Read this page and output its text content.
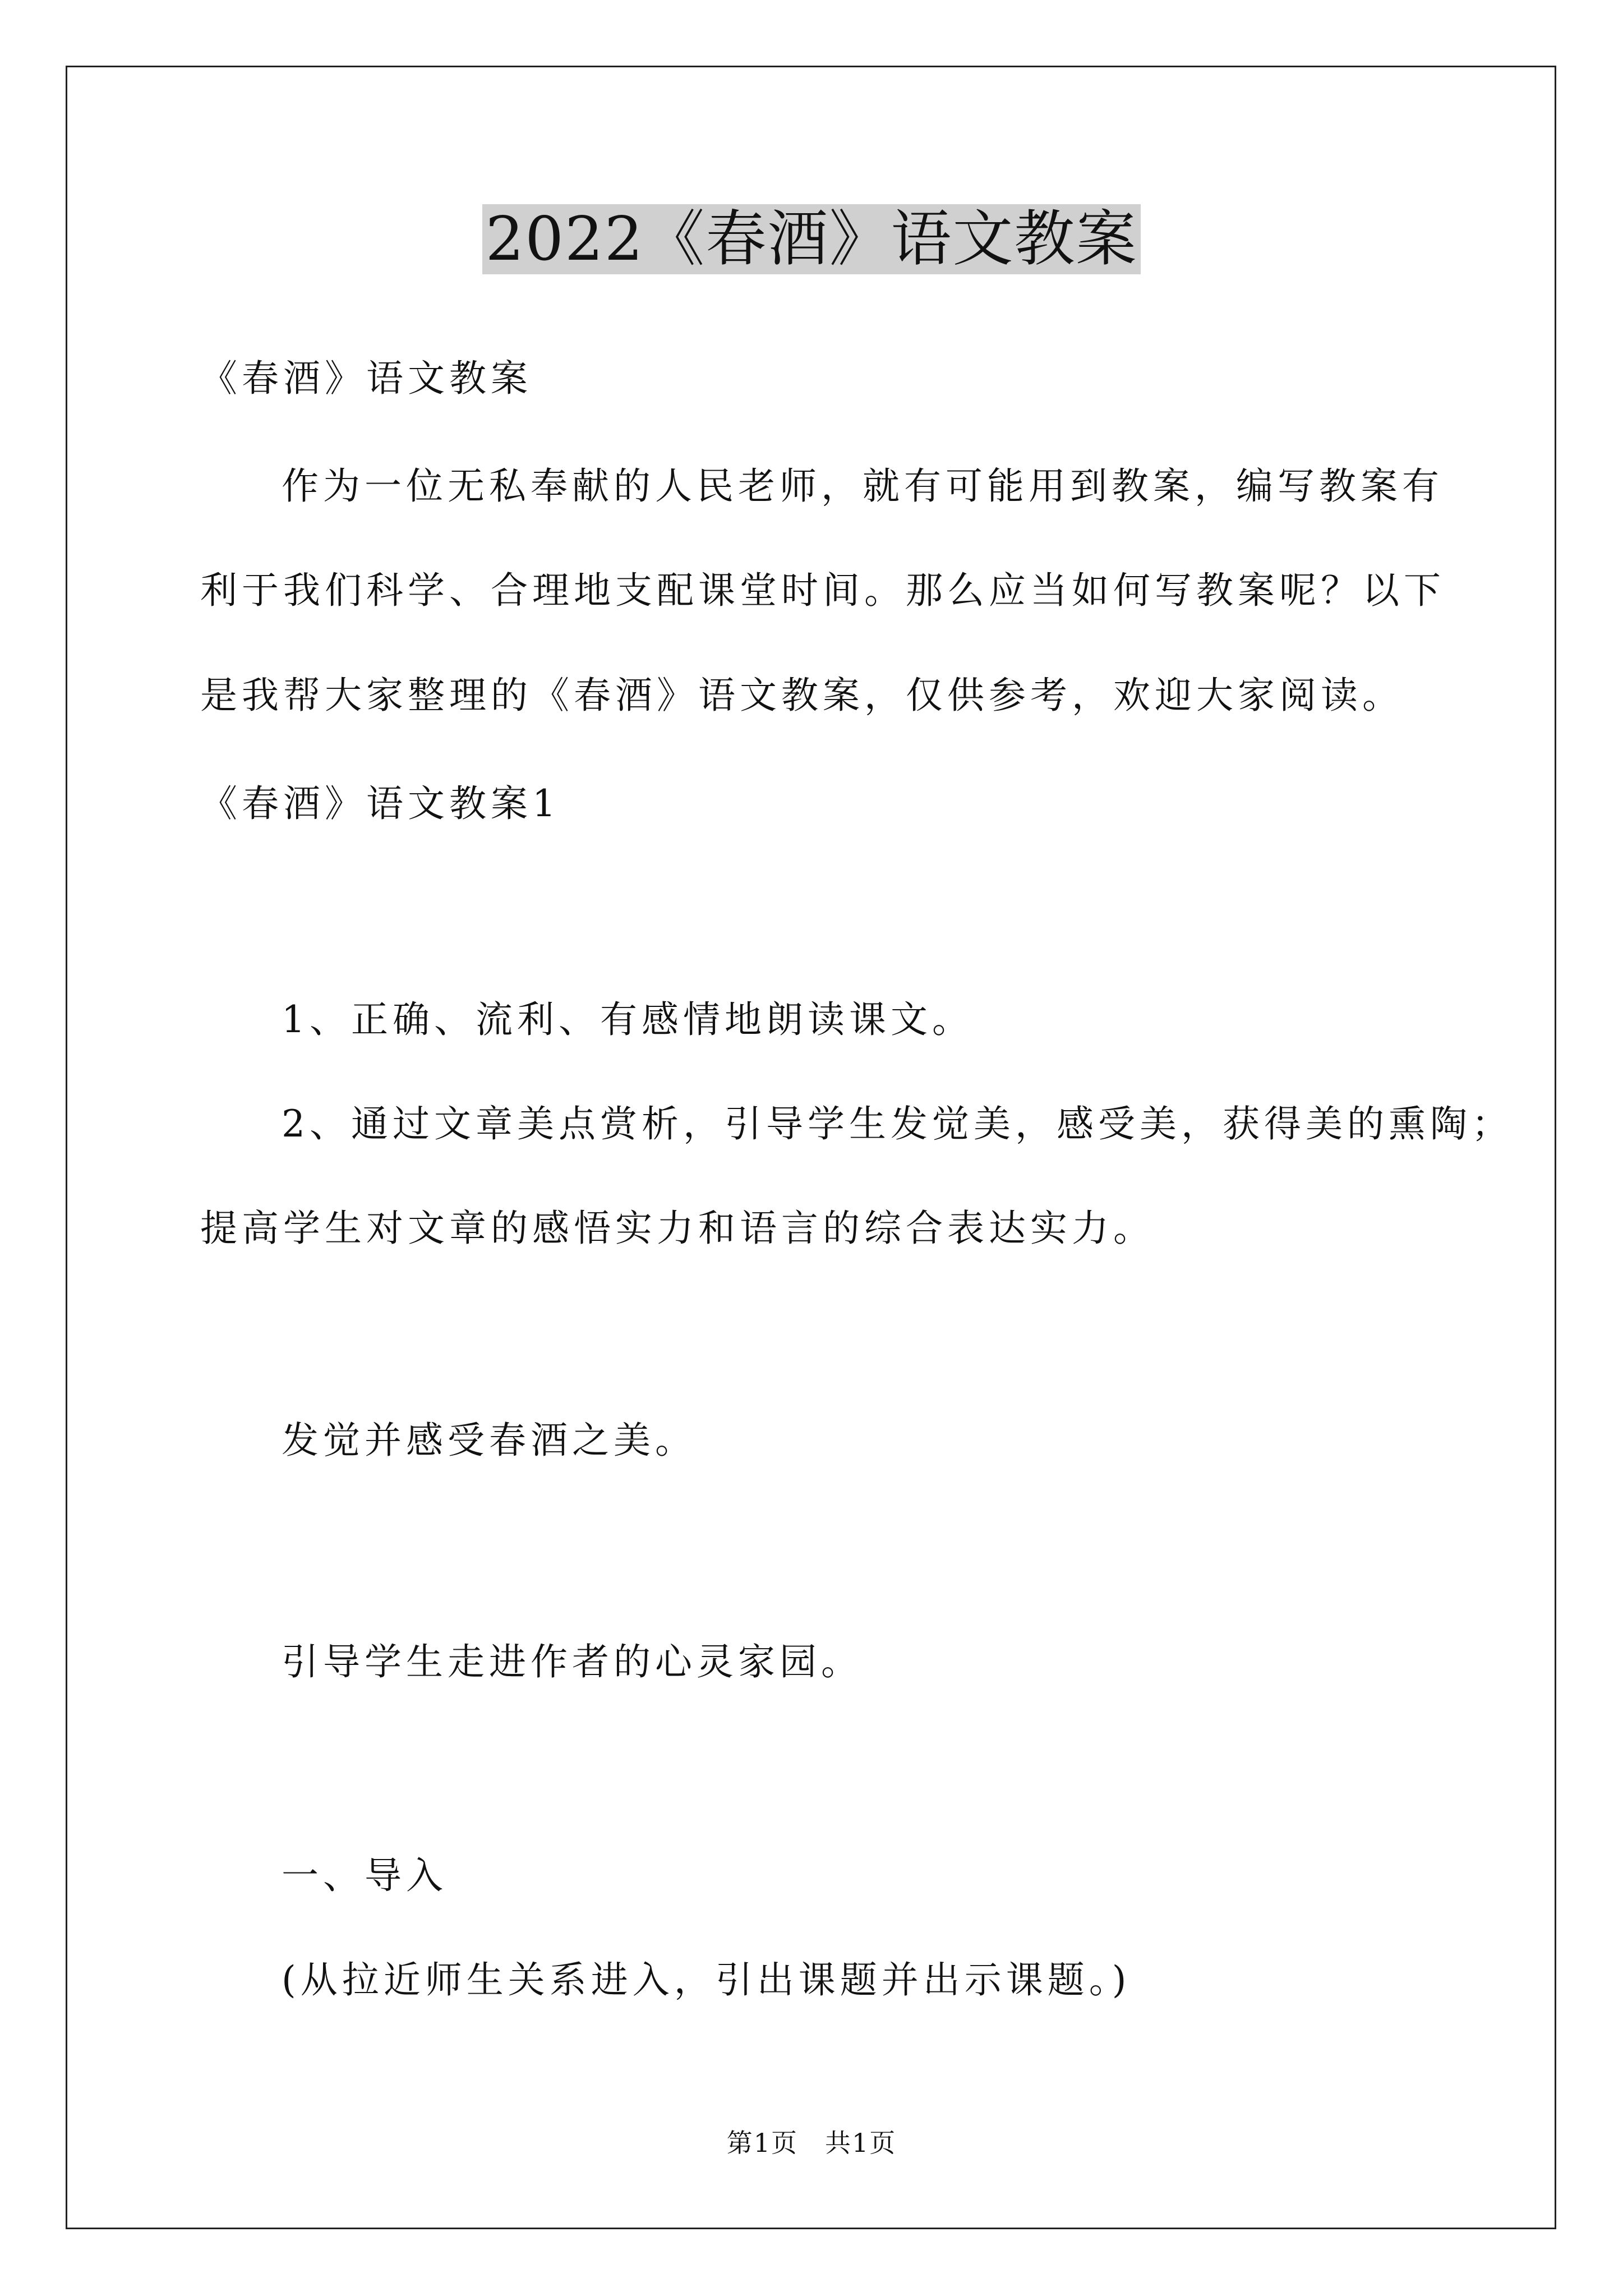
2022《春酒》语文教案
《春酒》语文教案
作为一位无私奉献的人民老师，就有可能用到教案，编写教案有
利于我们科学、合理地支配课堂时间。那么应当如何写教案呢？以下
是我帮大家整理的《春酒》语文教案，仅供参考，欢迎大家阅读。
《春酒》语文教案1
1、正确、流利、有感情地朗读课文。
2、通过文章美点赏析，引导学生发觉美，感受美，获得美的熏陶；
提高学生对文章的感悟实力和语言的综合表达实力。
发觉并感受春酒之美。
引导学生走进作者的心灵家园。
一、导入
(从拉近师生关系进入，引出课题并出示课题。)
第1页　共1页
